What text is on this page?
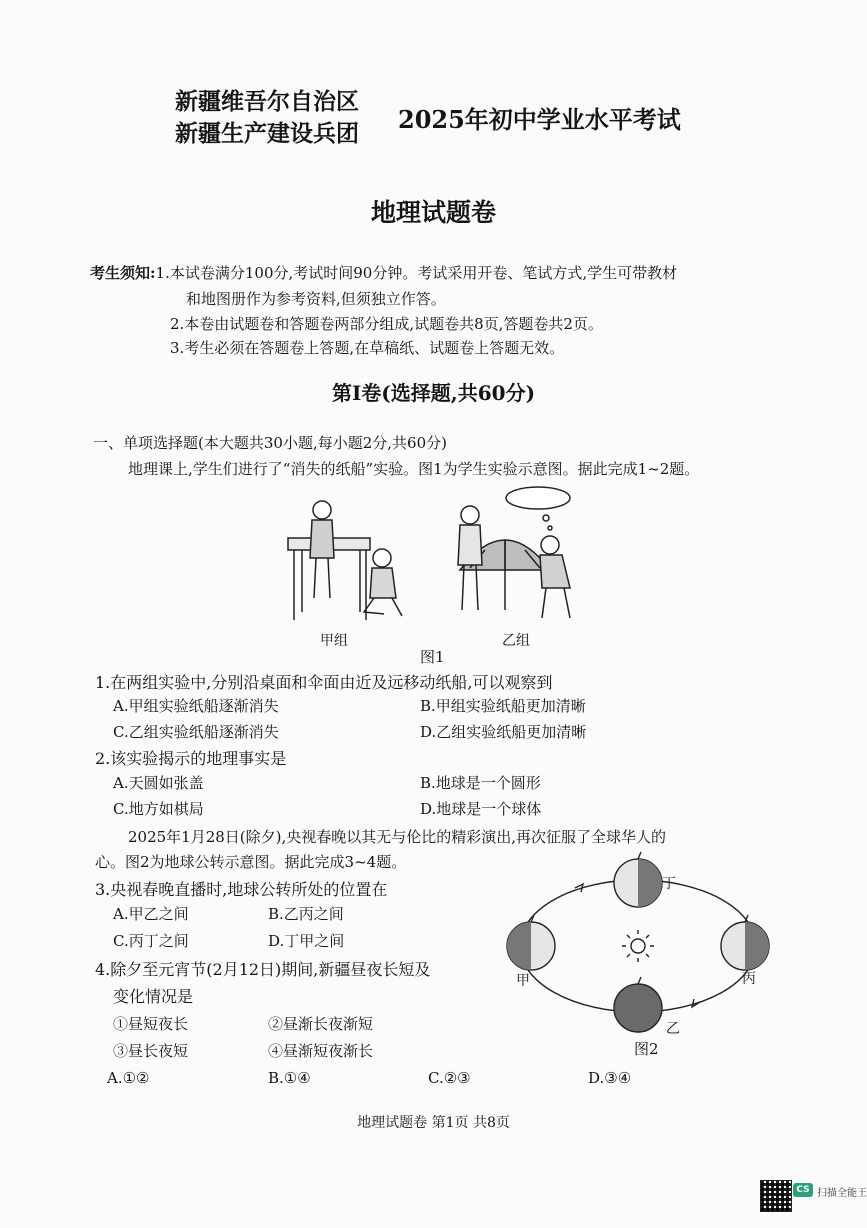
新疆维吾尔自治区
新疆生产建设兵团 2025年初中学业水平考试
地理试题卷
考生须知:1.本试卷满分100分,考试时间90分钟。考试采用开卷、笔试方式,学生可带教材
和地图册作为参考资料,但须独立作答。
2.本卷由试题卷和答题卷两部分组成,试题卷共8页,答题卷共2页。
3.考生必须在答题卷上答题,在草稿纸、试题卷上答题无效。
第Ⅰ卷(选择题,共60分)
一、单项选择题(本大题共30小题,每小题2分,共60分)
地理课上,学生们进行了“消失的纸船”实验。图1为学生实验示意图。据此完成1~2题。
甲组	乙组
图1
1.在两组实验中,分别沿桌面和伞面由近及远移动纸船,可以观察到
A.甲组实验纸船逐渐消失	B.甲组实验纸船更加清晰
C.乙组实验纸船逐渐消失	D.乙组实验纸船更加清晰
2.该实验揭示的地理事实是
A.天圆如张盖	B.地球是一个圆形
C.地方如棋局	D.地球是一个球体
2025年1月28日(除夕),央视春晚以其无与伦比的精彩演出,再次征服了全球华人的
心。图2为地球公转示意图。据此完成3~4题。
3.央视春晚直播时,地球公转所处的位置在
A.甲乙之间	B.乙丙之间
C.丙丁之间	D.丁甲之间
4.除夕至元宵节(2月12日)期间,新疆昼夜长短及
变化情况是
①昼短夜长	②昼渐长夜渐短
③昼长夜短	④昼渐短夜渐长
A.①②	B.①④	C.②③	D.③④
丁
甲	丙
乙
图2
地理试题卷 第1页 共8页
CS 扫描全能王
